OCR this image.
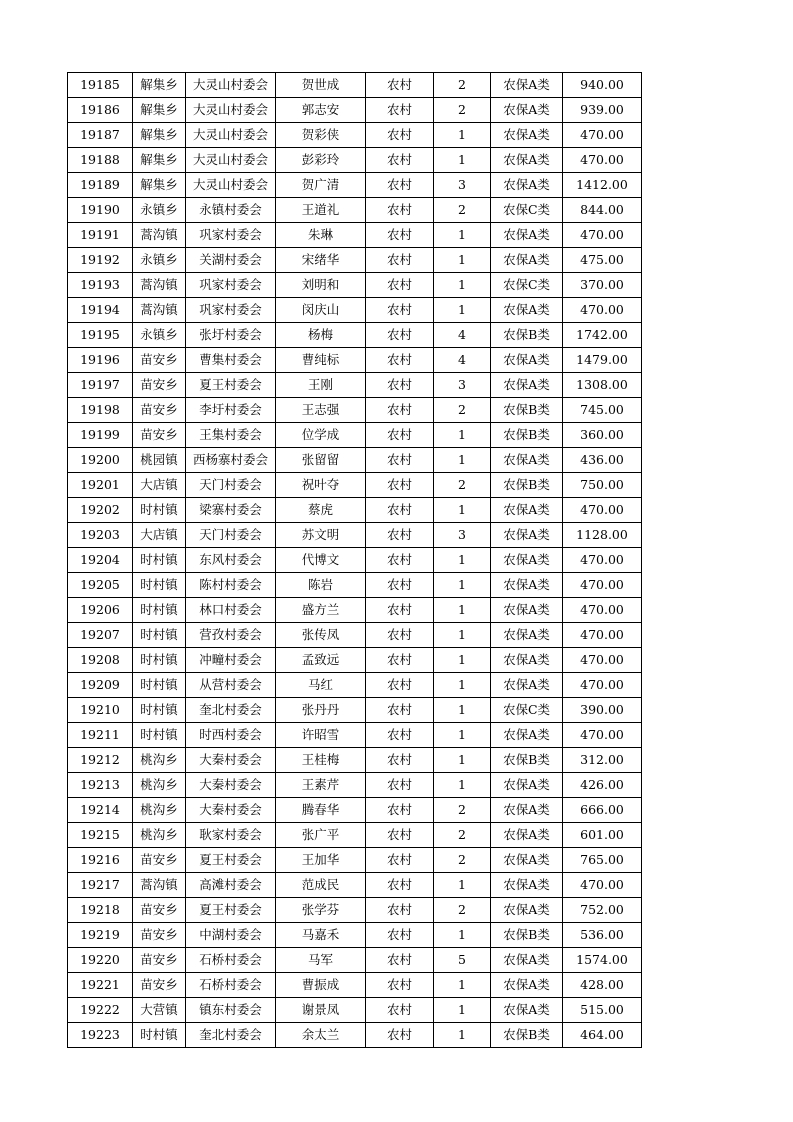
19185	解集乡	大灵山村委会	贺世成	农村	2	农保A类	940.00
19186	解集乡	大灵山村委会	郭志安	农村	2	农保A类	939.00
19187	解集乡	大灵山村委会	贺彩侠	农村	1	农保A类	470.00
19188	解集乡	大灵山村委会	彭彩玲	农村	1	农保A类	470.00
19189	解集乡	大灵山村委会	贺广清	农村	3	农保A类	1412.00
19190	永镇乡	永镇村委会	王道礼	农村	2	农保C类	844.00
19191	蒿沟镇	巩家村委会	朱琳	农村	1	农保A类	470.00
19192	永镇乡	关湖村委会	宋绪华	农村	1	农保A类	475.00
19193	蒿沟镇	巩家村委会	刘明和	农村	1	农保C类	370.00
19194	蒿沟镇	巩家村委会	闵庆山	农村	1	农保A类	470.00
19195	永镇乡	张圩村委会	杨梅	农村	4	农保B类	1742.00
19196	苗安乡	曹集村委会	曹纯标	农村	4	农保A类	1479.00
19197	苗安乡	夏王村委会	王刚	农村	3	农保A类	1308.00
19198	苗安乡	李圩村委会	王志强	农村	2	农保B类	745.00
19199	苗安乡	王集村委会	位学成	农村	1	农保B类	360.00
19200	桃园镇	西杨寨村委会	张留留	农村	1	农保A类	436.00
19201	大店镇	天门村委会	祝叶夺	农村	2	农保B类	750.00
19202	时村镇	梁寨村委会	蔡虎	农村	1	农保A类	470.00
19203	大店镇	天门村委会	苏文明	农村	3	农保A类	1128.00
19204	时村镇	东风村委会	代博文	农村	1	农保A类	470.00
19205	时村镇	陈村村委会	陈岩	农村	1	农保A类	470.00
19206	时村镇	林口村委会	盛方兰	农村	1	农保A类	470.00
19207	时村镇	营孜村委会	张传凤	农村	1	农保A类	470.00
19208	时村镇	冲疃村委会	孟致远	农村	1	农保A类	470.00
19209	时村镇	从营村委会	马红	农村	1	农保A类	470.00
19210	时村镇	奎北村委会	张丹丹	农村	1	农保C类	390.00
19211	时村镇	时西村委会	许昭雪	农村	1	农保A类	470.00
19212	桃沟乡	大秦村委会	王桂梅	农村	1	农保B类	312.00
19213	桃沟乡	大秦村委会	王素芹	农村	1	农保A类	426.00
19214	桃沟乡	大秦村委会	腾春华	农村	2	农保A类	666.00
19215	桃沟乡	耿家村委会	张广平	农村	2	农保A类	601.00
19216	苗安乡	夏王村委会	王加华	农村	2	农保A类	765.00
19217	蒿沟镇	高滩村委会	范成民	农村	1	农保A类	470.00
19218	苗安乡	夏王村委会	张学芬	农村	2	农保A类	752.00
19219	苗安乡	中湖村委会	马嘉禾	农村	1	农保B类	536.00
19220	苗安乡	石桥村委会	马军	农村	5	农保A类	1574.00
19221	苗安乡	石桥村委会	曹振成	农村	1	农保A类	428.00
19222	大营镇	镇东村委会	谢景凤	农村	1	农保A类	515.00
19223	时村镇	奎北村委会	余太兰	农村	1	农保B类	464.00
